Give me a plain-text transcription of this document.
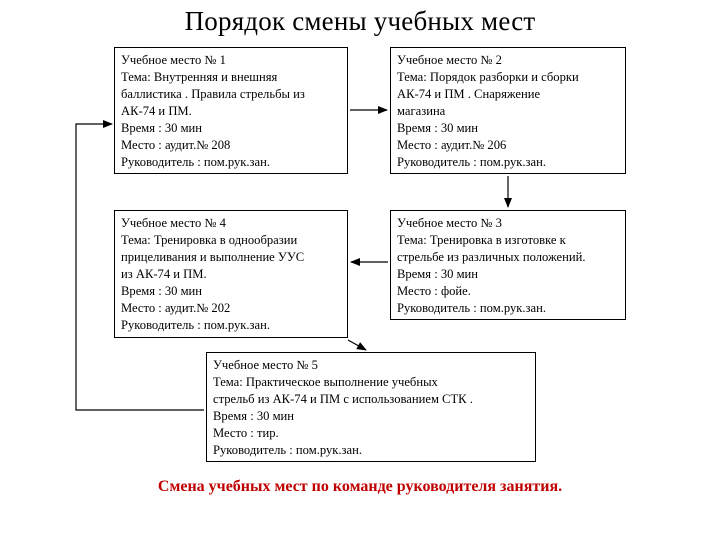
Порядок смены учебных мест
Учебное место № 1
Тема: Внутренняя и внешняя
баллистика . Правила стрельбы из
АК-74 и ПМ.
Время : 30 мин
Место : аудит.№ 208
Руководитель : пом.рук.зан.
Учебное место № 2
Тема: Порядок разборки и сборки
АК-74 и ПМ . Снаряжение
магазина
Время : 30 мин
Место : аудит.№ 206
Руководитель : пом.рук.зан.
Учебное место № 4
Тема: Тренировка в однообразии
прицеливания и выполнение УУС
из АК-74 и ПМ.
Время : 30 мин
Место : аудит.№ 202
Руководитель : пом.рук.зан.
Учебное место № 3
Тема: Тренировка в изготовке к
стрельбе из различных положений.
Время : 30 мин
Место : фойе.
Руководитель : пом.рук.зан.
Учебное место № 5
Тема: Практическое выполнение учебных
стрельб из АК-74 и ПМ с использованием СТК .
Время : 30 мин
Место : тир.
Руководитель : пом.рук.зан.
Смена учебных мест по команде руководителя занятия.
